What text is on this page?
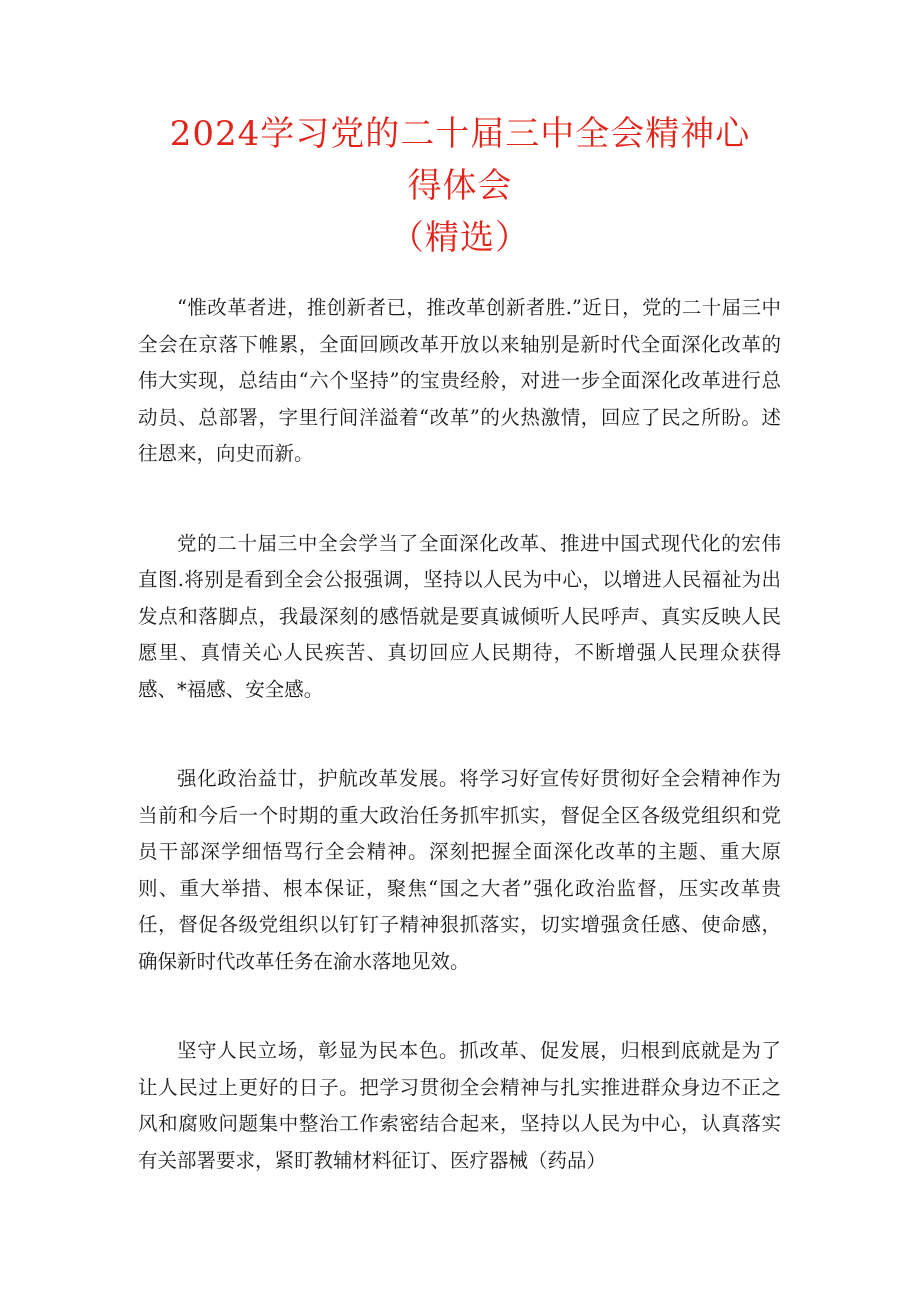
2024学习党的二十届三中全会精神心
得体会
（精选）

“惟改革者进，推创新者已，推改革创新者胜.”近日，党的二十届三中全会在京落下帷累，全面回顾改革开放以来轴别是新时代全面深化改革的伟大实现，总结由“六个坚持”的宝贵经舲，对进一步全面深化改革进行总动员、总部署，字里行间洋溢着“改革”的火热激情，回应了民之所盼。述往恩来，向史而新。

党的二十届三中全会学当了全面深化改革、推进中国式现代化的宏伟直图.将别是看到全会公报强调，坚持以人民为中心，以增进人民福祉为出发点和落脚点，我最深刻的感悟就是要真诚倾听人民呼声、真实反映人民愿里、真情关心人民疾苦、真切回应人民期待，不断增强人民理众获得感、*福感、安全感。

强化政治益廿，护航改革发展。将学习好宣传好贯彻好全会精神作为当前和今后一个时期的重大政治任务抓牢抓实，督促全区各级党组织和党员干部深学细悟骂行全会精神。深刻把握全面深化改革的主题、重大原则、重大举措、根本保证，聚焦“国之大者”强化政治监督，压实改革贵任，督促各级党组织以钉钉子精神狠抓落实，切实增强贪任感、使命感，确保新时代改革任务在渝水落地见效。

坚守人民立场，彰显为民本色。抓改革、促发展，归根到底就是为了让人民过上更好的日子。把学习贯彻全会精神与扎实推进群众身边不正之风和腐败问题集中整治工作索密结合起来，坚持以人民为中心，认真落实有关部署要求，紧盯教辅材料征订、医疗器械（药品）
